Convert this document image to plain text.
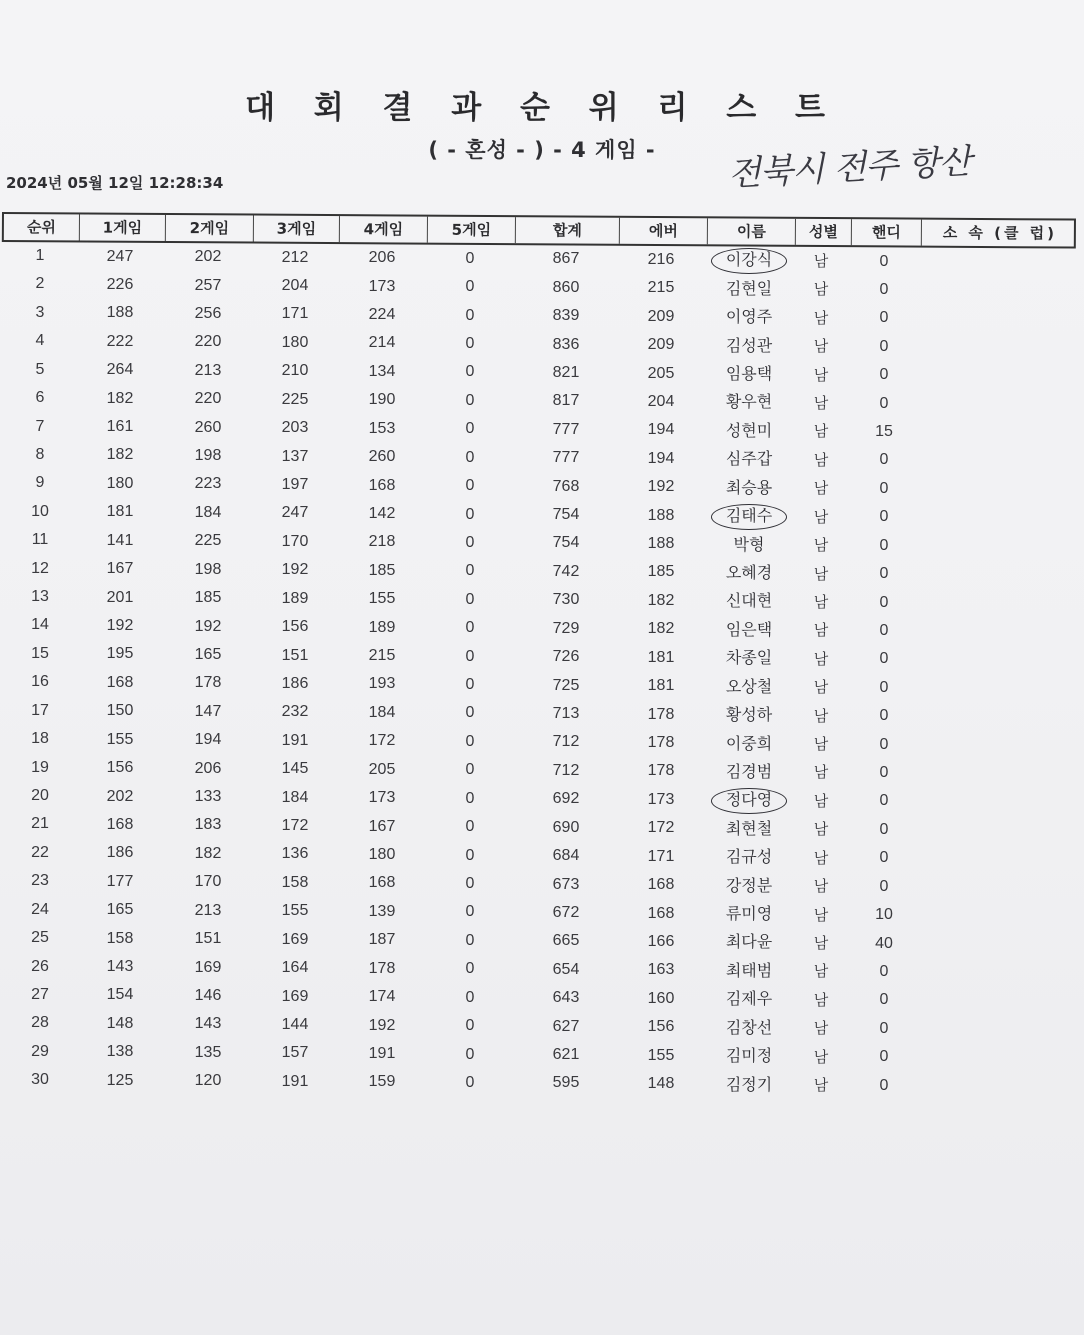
대 회 결 과 순 위 리 스 트
( - 혼성 - ) - 4 게임 -	전북시 전주 항산
2024년 05월 12일 12:28:34
순위	1게임	2게임	3게임	4게임	5게임	합계	에버	이름	성별	핸디	소 속 (클 럽)
1	247	202	212	206	0	867	216	이강식	남	0
2	226	257	204	173	0	860	215	김현일	남	0
3	188	256	171	224	0	839	209	이영주	남	0
4	222	220	180	214	0	836	209	김성관	남	0
5	264	213	210	134	0	821	205	임용택	남	0
6	182	220	225	190	0	817	204	황우현	남	0
7	161	260	203	153	0	777	194	성현미	남	15
8	182	198	137	260	0	777	194	심주갑	남	0
9	180	223	197	168	0	768	192	최승용	남	0
10	181	184	247	142	0	754	188	김태수	남	0
11	141	225	170	218	0	754	188	박형	남	0
12	167	198	192	185	0	742	185	오혜경	남	0
13	201	185	189	155	0	730	182	신대현	남	0
14	192	192	156	189	0	729	182	임은택	남	0
15	195	165	151	215	0	726	181	차종일	남	0
16	168	178	186	193	0	725	181	오상철	남	0
17	150	147	232	184	0	713	178	황성하	남	0
18	155	194	191	172	0	712	178	이중희	남	0
19	156	206	145	205	0	712	178	김경범	남	0
20	202	133	184	173	0	692	173	정다영	남	0
21	168	183	172	167	0	690	172	최현철	남	0
22	186	182	136	180	0	684	171	김규성	남	0
23	177	170	158	168	0	673	168	강정분	남	0
24	165	213	155	139	0	672	168	류미영	남	10
25	158	151	169	187	0	665	166	최다윤	남	40
26	143	169	164	178	0	654	163	최태범	남	0
27	154	146	169	174	0	643	160	김제우	남	0
28	148	143	144	192	0	627	156	김창선	남	0
29	138	135	157	191	0	621	155	김미정	남	0
30	125	120	191	159	0	595	148	김정기	남	0
